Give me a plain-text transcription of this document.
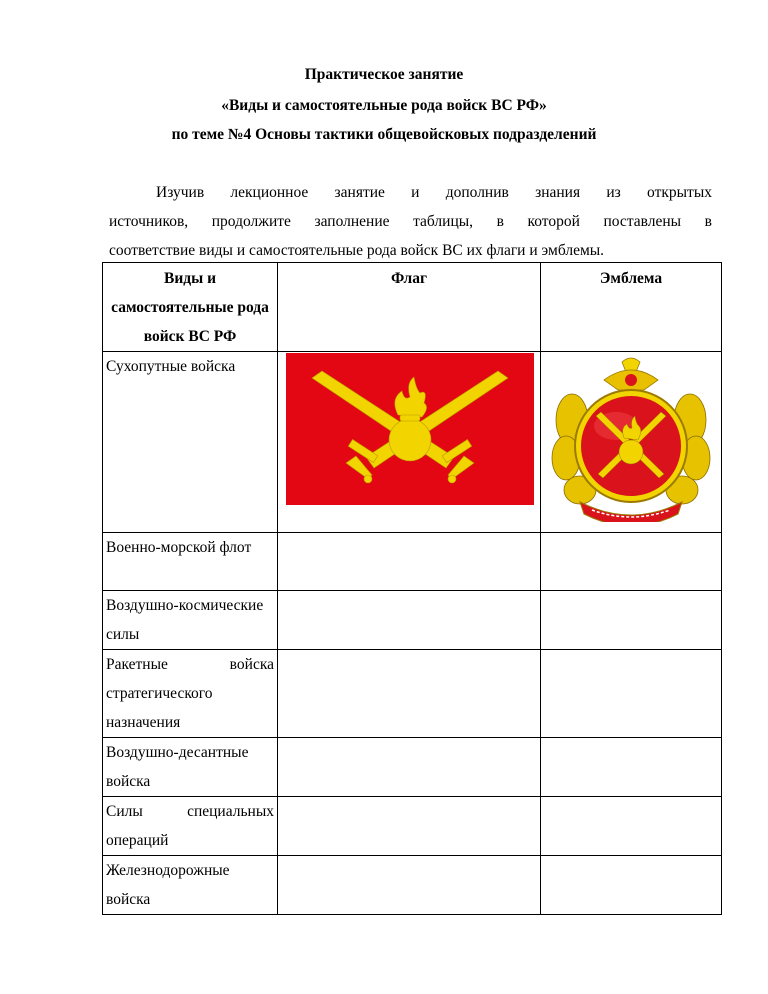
Практическое занятие
«Виды и самостоятельные рода войск ВС РФ»
по теме №4 Основы тактики общевойсковых подразделений
Изучив лекционное занятие и дополнив знания из открытых
источников, продолжите заполнение таблицы, в которой поставлены в
соответствие виды и самостоятельные рода войск ВС их флаги и эмблемы.
Виды и самостоятельные рода войск ВС РФ	Флаг	Эмблема
Сухопутные войска	

Военно-морской флот		
Воздушно-космические силы		
Ракетные войска стратегического назначения		
Воздушно-десантные войска		
Силы специальных операций		
Железнодорожные войска		
